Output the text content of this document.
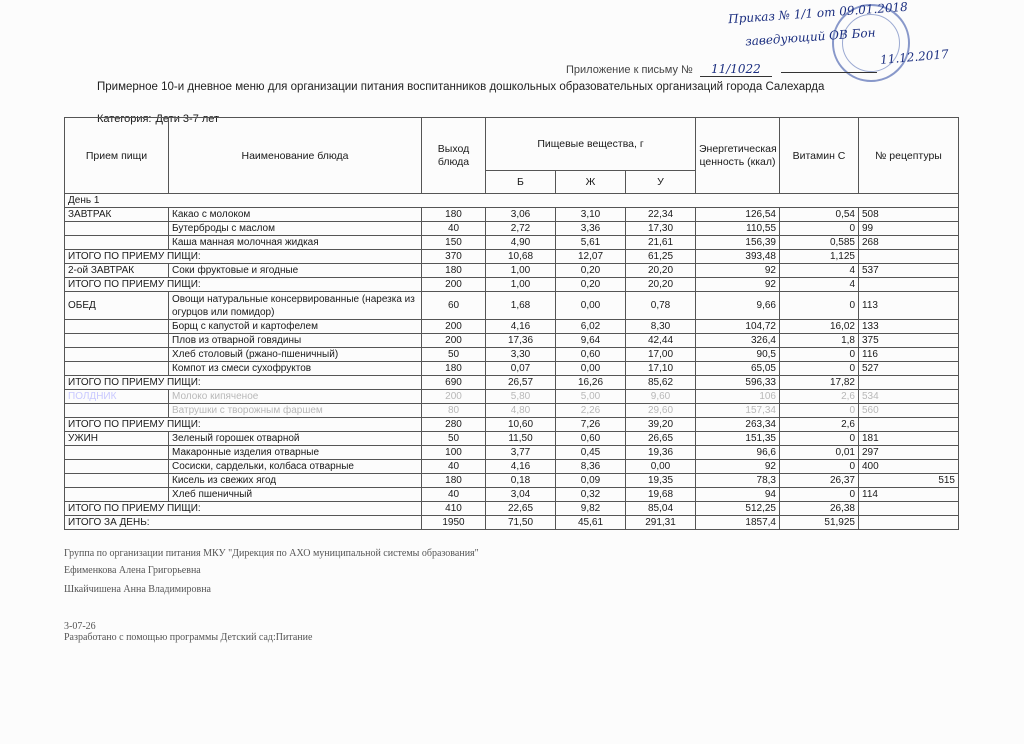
Приказ № 1/1 от 09.01.2018
заведующий ОВ Бон
11.12.2017
Приложение к письму № 11/1022
Примерное 10-и дневное меню для организации питания воспитанников дошкольных образовательных организаций города Салехарда
Категория: Дети 3-7 лет
Прием пищи	Наименование блюда	Выход блюда	Пищевые вещества, г			Энергетическая ценность (ккал)	Витамин С	№ рецептуры
			Б	Ж	У			
День 1								
ЗАВТРАК	Какао с молоком	180	3,06	3,10	22,34	126,54	0,54	508
	Бутерброды с маслом	40	2,72	3,36	17,30	110,55	0	99
	Каша манная молочная жидкая	150	4,90	5,61	21,61	156,39	0,585	268
ИТОГО ПО ПРИЕМУ ПИЩИ:		370	10,68	12,07	61,25	393,48	1,125	
2-ой ЗАВТРАК	Соки фруктовые и ягодные	180	1,00	0,20	20,20	92	4	537
ИТОГО ПО ПРИЕМУ ПИЩИ:		200	1,00	0,20	20,20	92	4	
ОБЕД	Овощи натуральные консервированные (нарезка из огурцов или помидор)	60	1,68	0,00	0,78	9,66	0	113
	Борщ с капустой и картофелем	200	4,16	6,02	8,30	104,72	16,02	133
	Плов из отварной говядины	200	17,36	9,64	42,44	326,4	1,8	375
	Хлеб столовый (ржано-пшеничный)	50	3,30	0,60	17,00	90,5	0	116
	Компот из смеси сухофруктов	180	0,07	0,00	17,10	65,05	0	527
ИТОГО ПО ПРИЕМУ ПИЩИ:		690	26,57	16,26	85,62	596,33	17,82	
ПОЛДНИК	Молоко кипяченое	200	5,80	5,00	9,60	106	2,6	534
	Ватрушки с творожным фаршем	80	4,80	2,26	29,60	157,34	0	560
ИТОГО ПО ПРИЕМУ ПИЩИ:		280	10,60	7,26	39,20	263,34	2,6	
УЖИН	Зеленый горошек отварной	50	11,50	0,60	26,65	151,35	0	181
	Макаронные изделия отварные	100	3,77	0,45	19,36	96,6	0,01	297
	Сосиски, сардельки, колбаса отварные	40	4,16	8,36	0,00	92	0	400
	Кисель из свежих ягод	180	0,18	0,09	19,35	78,3	26,37	515
	Хлеб пшеничный	40	3,04	0,32	19,68	94	0	114
ИТОГО ПО ПРИЕМУ ПИЩИ:		410	22,65	9,82	85,04	512,25	26,38	
ИТОГО ЗА ДЕНЬ:		1950	71,50	45,61	291,31	1857,4	51,925	
Группа по организации питания МКУ "Дирекция по АХО муниципальной системы образования"
Ефименкова Алена Григорьевна
Шкайчишена Анна Владимировна
3-07-26
Разработано с помощью программы Детский сад:Питание
